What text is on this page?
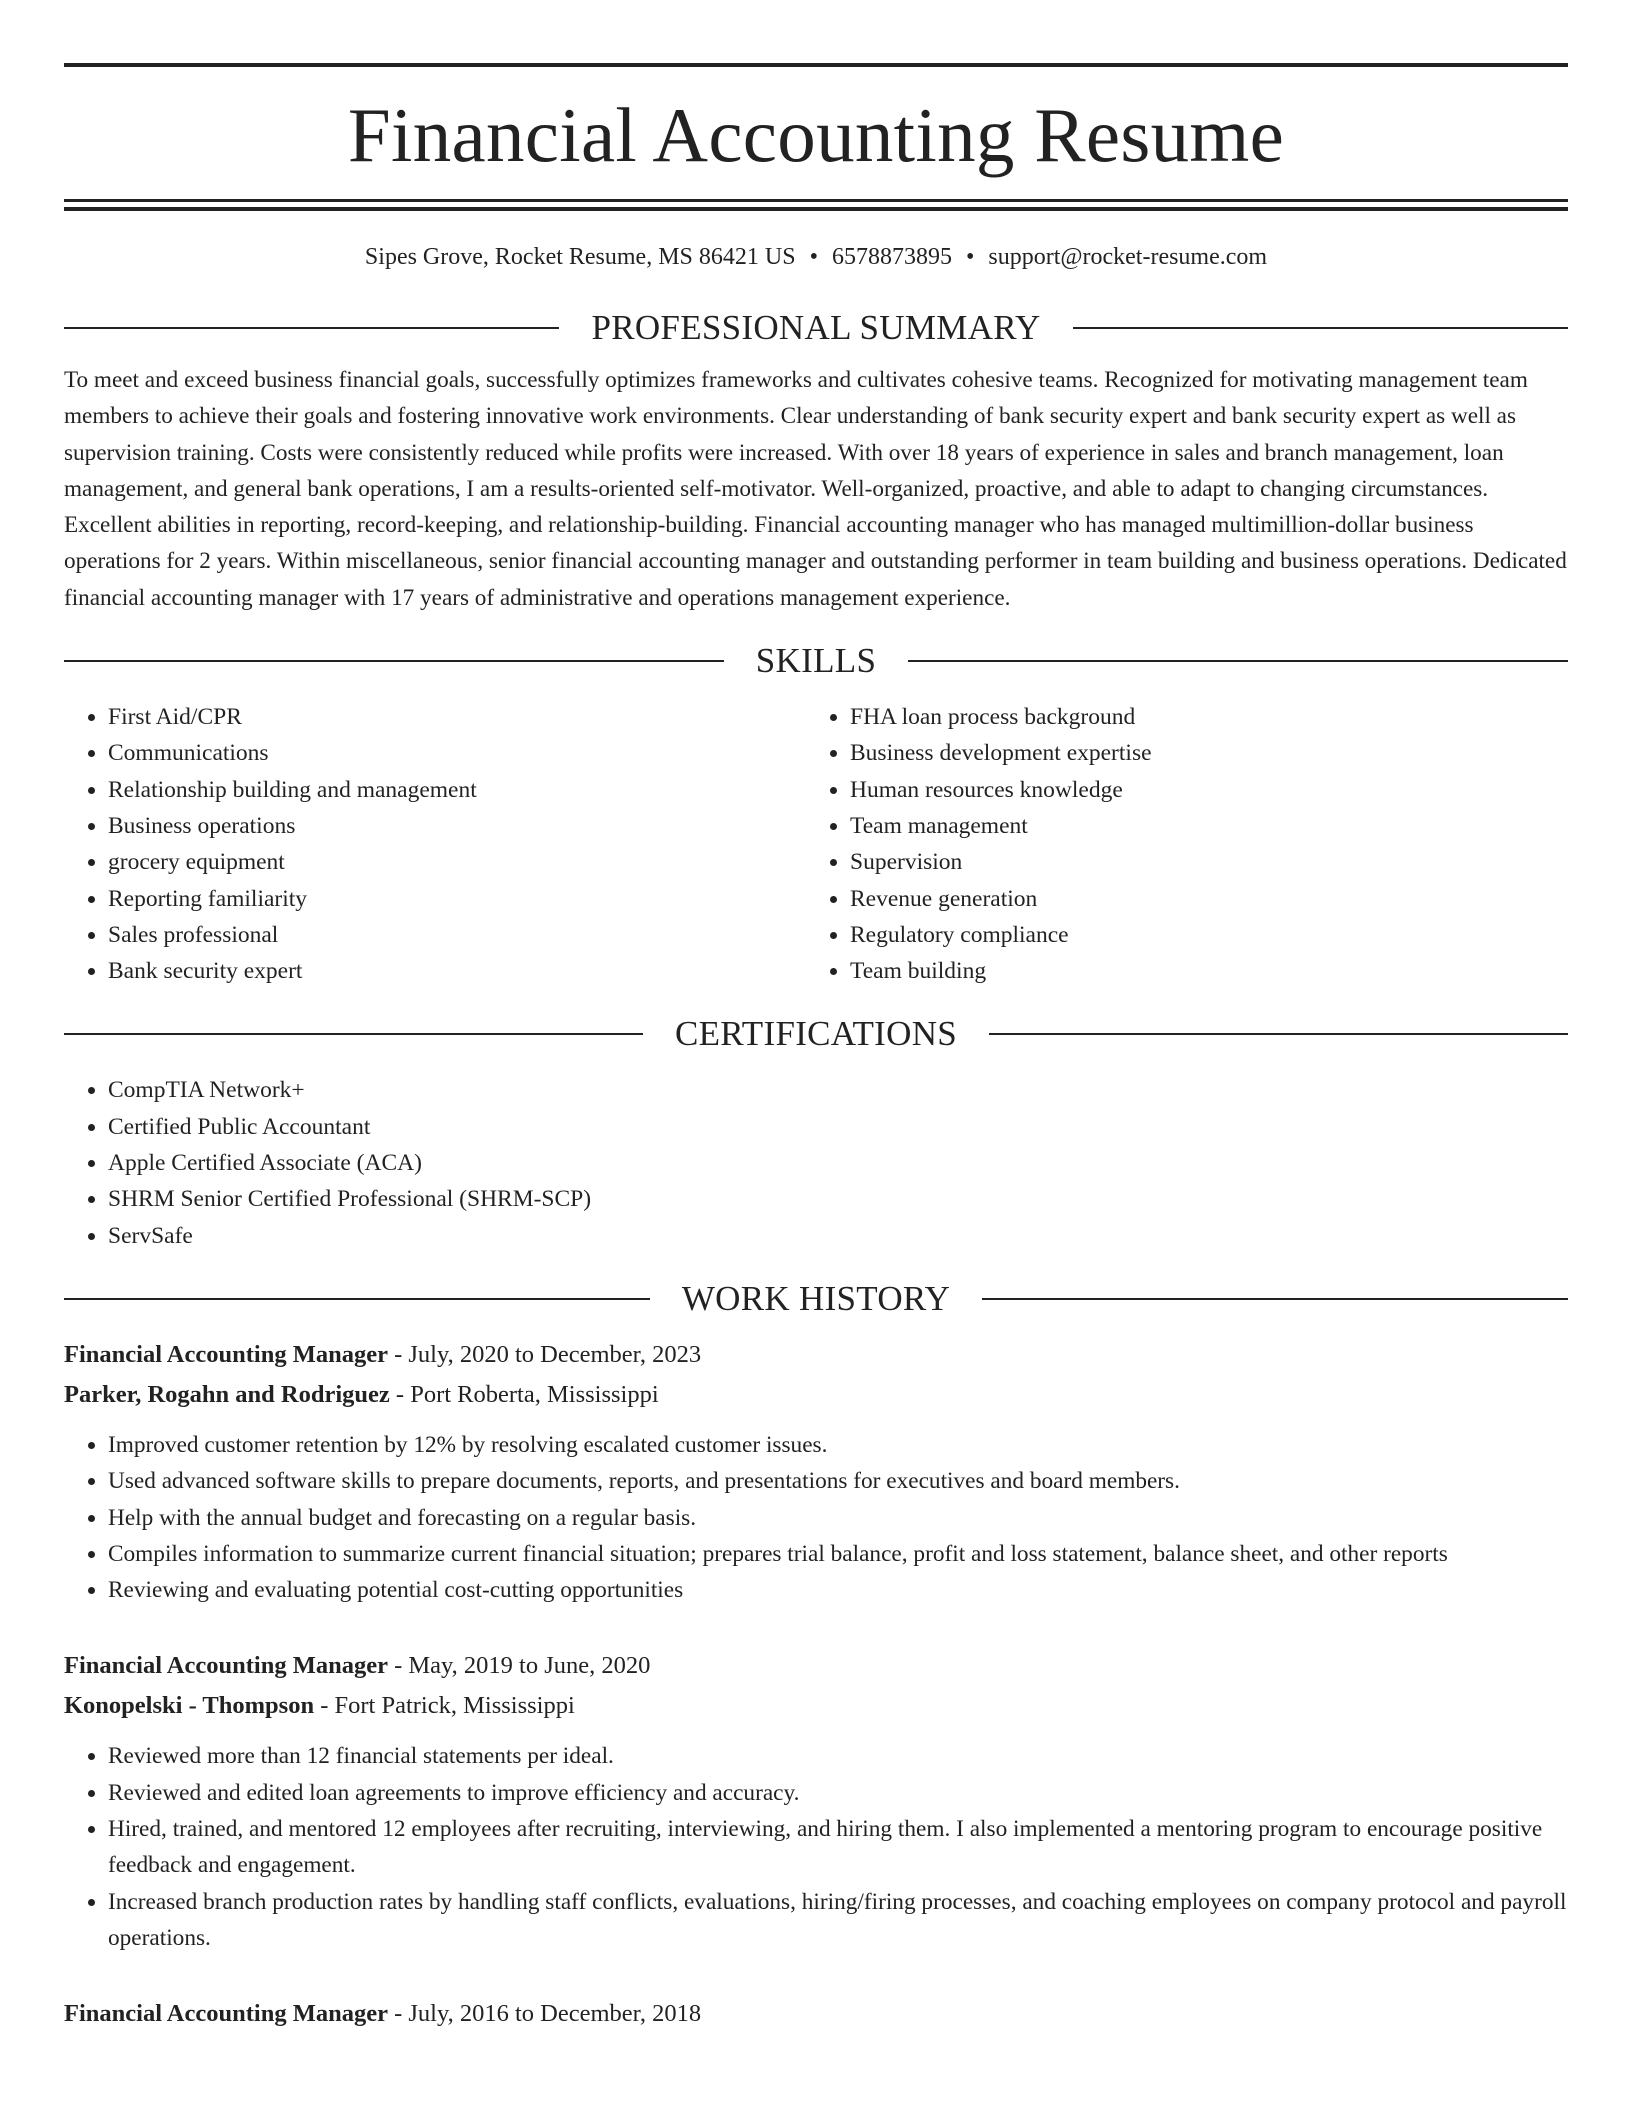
Financial Accounting Resume
Sipes Grove, Rocket Resume, MS 86421 US • 6578873895 • support@rocket-resume.com
PROFESSIONAL SUMMARY

To meet and exceed business financial goals, successfully optimizes frameworks and cultivates cohesive teams. Recognized for motivating management team members to achieve their goals and fostering innovative work environments. Clear understanding of bank security expert and bank security expert as well as supervision training. Costs were consistently reduced while profits were increased. With over 18 years of experience in sales and branch management, loan management, and general bank operations, I am a results-oriented self-motivator. Well-organized, proactive, and able to adapt to changing circumstances. Excellent abilities in reporting, record-keeping, and relationship-building. Financial accounting manager who has managed multimillion-dollar business operations for 2 years. Within miscellaneous, senior financial accounting manager and outstanding performer in team building and business operations. Dedicated financial accounting manager with 17 years of administrative and operations management experience.

SKILLS
• First Aid/CPR
• Communications
• Relationship building and management
• Business operations
• grocery equipment
• Reporting familiarity
• Sales professional
• Bank security expert
• FHA loan process background
• Business development expertise
• Human resources knowledge
• Team management
• Supervision
• Revenue generation
• Regulatory compliance
• Team building
CERTIFICATIONS
• CompTIA Network+
• Certified Public Accountant
• Apple Certified Associate (ACA)
• SHRM Senior Certified Professional (SHRM-SCP)
• ServSafe
WORK HISTORY
Financial Accounting Manager - July, 2020 to December, 2023
Parker, Rogahn and Rodriguez - Port Roberta, Mississippi
• Improved customer retention by 12% by resolving escalated customer issues.
• Used advanced software skills to prepare documents, reports, and presentations for executives and board members.
• Help with the annual budget and forecasting on a regular basis.
• Compiles information to summarize current financial situation; prepares trial balance, profit and loss statement, balance sheet, and other reports
• Reviewing and evaluating potential cost-cutting opportunities
Financial Accounting Manager - May, 2019 to June, 2020
Konopelski - Thompson - Fort Patrick, Mississippi
• Reviewed more than 12 financial statements per ideal.
• Reviewed and edited loan agreements to improve efficiency and accuracy.
• Hired, trained, and mentored 12 employees after recruiting, interviewing, and hiring them. I also implemented a mentoring program to encourage positive feedback and engagement.
• Increased branch production rates by handling staff conflicts, evaluations, hiring/firing processes, and coaching employees on company protocol and payroll operations.
Financial Accounting Manager - July, 2016 to December, 2018
